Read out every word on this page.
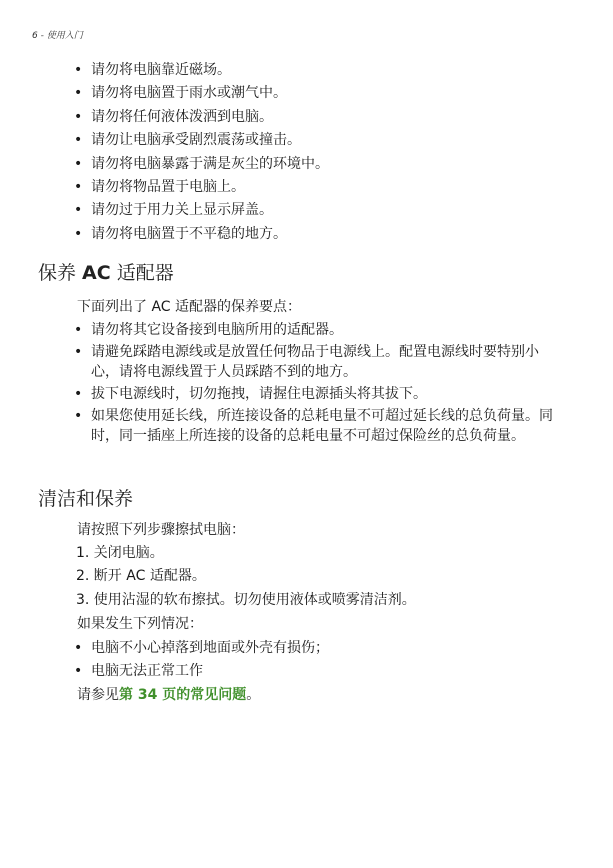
6 - 使用入门
• 请勿将电脑靠近磁场。
• 请勿将电脑置于雨水或潮气中。
• 请勿将任何液体泼洒到电脑。
• 请勿让电脑承受剧烈震荡或撞击。
• 请勿将电脑暴露于满是灰尘的环境中。
• 请勿将物品置于电脑上。
• 请勿过于用力关上显示屏盖。
• 请勿将电脑置于不平稳的地方。
保养 AC 适配器
下面列出了 AC 适配器的保养要点：
• 请勿将其它设备接到电脑所用的适配器。
• 请避免踩踏电源线或是放置任何物品于电源线上。配置电源线时要特别小心，请将电源线置于人员踩踏不到的地方。
• 拔下电源线时，切勿拖拽，请握住电源插头将其拔下。
• 如果您使用延长线，所连接设备的总耗电量不可超过延长线的总负荷量。同时，同一插座上所连接的设备的总耗电量不可超过保险丝的总负荷量。
清洁和保养
请按照下列步骤擦拭电脑：
1. 关闭电脑。
2. 断开 AC 适配器。
3. 使用沾湿的软布擦拭。切勿使用液体或喷雾清洁剂。
如果发生下列情况：
• 电脑不小心掉落到地面或外壳有损伤；
• 电脑无法正常工作
请参见第 34 页的常见问题。
